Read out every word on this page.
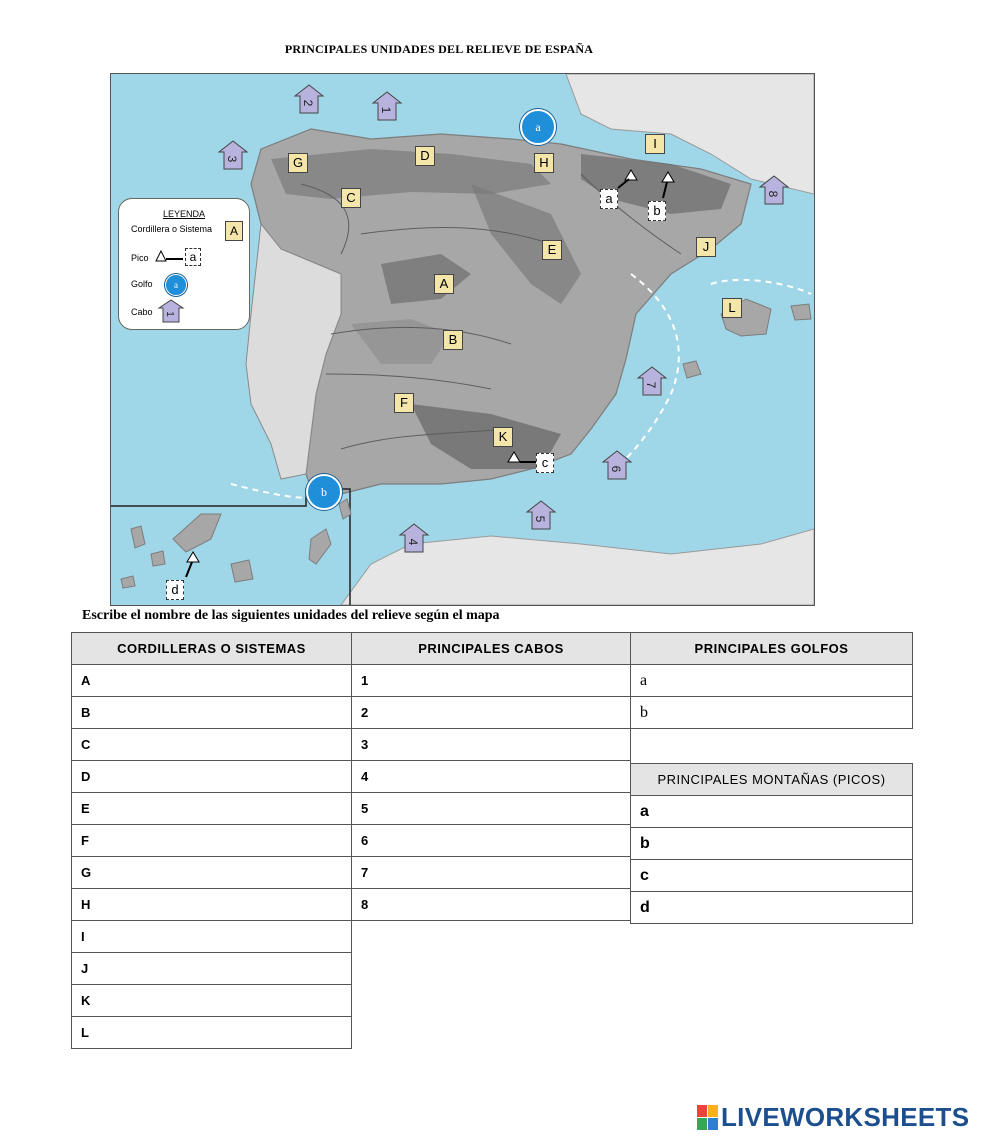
PRINCIPALES UNIDADES DEL RELIEVE DE ESPAÑA
G
C
D	H
I
E	J
A
L
B
F
K
2
1
3
8
7
6
5
4
a
b
a
b
c
d
LEYENDA
Cordillera o Sistema	A
Pico	a
Golfo	a
Cabo 1
Escribe el nombre de las siguientes unidades del relieve según el mapa
CORDILLERAS O SISTEMAS
A
B
C
D
E
F
G
H
I
J
K
L
PRINCIPALES CABOS
1
2
3
4
5
6
7
8
PRINCIPALES GOLFOS
a
b

PRINCIPALES MONTAÑAS (PICOS)
a
b
c
d
LIVEWORKSHEETS
